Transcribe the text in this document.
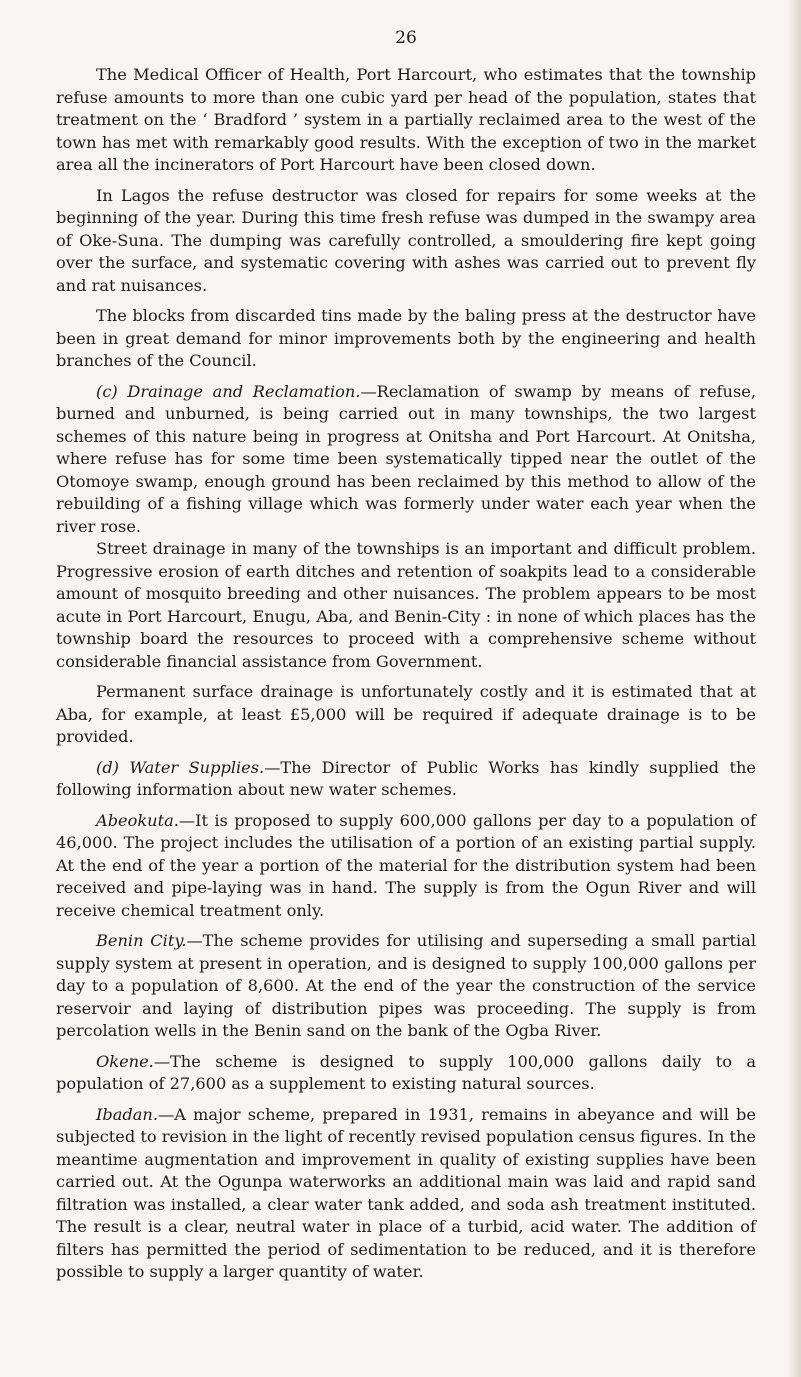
26

The Medical Officer of Health, Port Harcourt, who estimates that the township refuse amounts to more than one cubic yard per head of the population, states that treatment on the ‘ Bradford ’ system in a partially reclaimed area to the west of the town has met with remarkably good results. With the exception of two in the market area all the incinerators of Port Harcourt have been closed down.

In Lagos the refuse destructor was closed for repairs for some weeks at the beginning of the year. During this time fresh refuse was dumped in the swampy area of Oke-Suna. The dumping was carefully controlled, a smouldering fire kept going over the surface, and systematic covering with ashes was carried out to prevent fly and rat nuisances.

The blocks from discarded tins made by the baling press at the destructor have been in great demand for minor improvements both by the engineering and health branches of the Council.

(c) Drainage and Reclamation.—Reclamation of swamp by means of refuse, burned and unburned, is being carried out in many townships, the two largest schemes of this nature being in progress at Onitsha and Port Harcourt. At Onitsha, where refuse has for some time been systematically tipped near the outlet of the Otomoye swamp, enough ground has been reclaimed by this method to allow of the rebuilding of a fishing village which was formerly under water each year when the river rose.

Street drainage in many of the townships is an important and difficult problem. Progressive erosion of earth ditches and retention of soakpits lead to a considerable amount of mosquito breeding and other nuisances. The problem appears to be most acute in Port Harcourt, Enugu, Aba, and Benin-City : in none of which places has the township board the resources to proceed with a comprehensive scheme without considerable financial assistance from Government.

Permanent surface drainage is unfortunately costly and it is estimated that at Aba, for example, at least £5,000 will be required if adequate drainage is to be provided.

(d) Water Supplies.—The Director of Public Works has kindly supplied the following information about new water schemes.

Abeokuta.—It is proposed to supply 600,000 gallons per day to a population of 46,000. The project includes the utilisation of a portion of an existing partial supply. At the end of the year a portion of the material for the distribution system had been received and pipe-laying was in hand. The supply is from the Ogun River and will receive chemical treatment only.

Benin City.—The scheme provides for utilising and superseding a small partial supply system at present in operation, and is designed to supply 100,000 gallons per day to a population of 8,600. At the end of the year the construction of the service reservoir and laying of distribution pipes was proceeding. The supply is from percolation wells in the Benin sand on the bank of the Ogba River.

Okene.—The scheme is designed to supply 100,000 gallons daily to a population of 27,600 as a supplement to existing natural sources.

Ibadan.—A major scheme, prepared in 1931, remains in abeyance and will be subjected to revision in the light of recently revised population census figures. In the meantime augmentation and improvement in quality of existing supplies have been carried out. At the Ogunpa waterworks an additional main was laid and rapid sand filtration was installed, a clear water tank added, and soda ash treatment instituted. The result is a clear, neutral water in place of a turbid, acid water. The addition of filters has permitted the period of sedimentation to be reduced, and it is therefore possible to supply a larger quantity of water.
